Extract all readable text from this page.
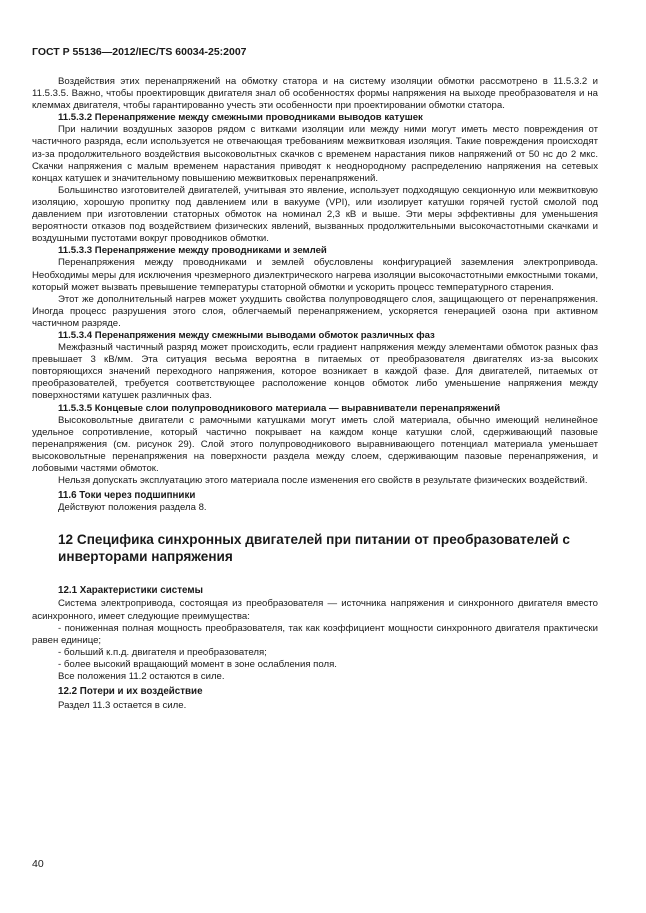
ГОСТ Р 55136—2012/IEC/TS 60034-25:2007

Воздействия этих перенапряжений на обмотку статора и на систему изоляции обмотки рассмотрено в 11.5.3.2 и 11.5.3.5. Важно, чтобы проектировщик двигателя знал об особенностях формы напряжения на выходе преобразователя и на клеммах двигателя, чтобы гарантированно учесть эти особенности при проектировании обмотки статора.

11.5.3.2 Перенапряжение между смежными проводниками выводов катушек

При наличии воздушных зазоров рядом с витками изоляции или между ними могут иметь место повреждения от частичного разряда, если используется не отвечающая требованиям межвитковая изоляция. Такие повреждения происходят из-за продолжительного воздействия высоковольтных скачков с временем нарастания пиков напряжений от 50 нс до 2 мкс. Скачки напряжения с малым временем нарастания приводят к неоднородному распределению напряжения на сетевых концах катушек и значительному повышению межвитковых перенапряжений.

Большинство изготовителей двигателей, учитывая это явление, использует подходящую секционную или межвитковую изоляцию, хорошую пропитку под давлением или в вакууме (VPI), или изолирует катушки горячей густой смолой под давлением при изготовлении статорных обмоток на номинал 2,3 кВ и выше. Эти меры эффективны для уменьшения вероятности отказов под воздействием физических явлений, вызванных продолжительными высокочастотными скачками и воздушными пустотами вокруг проводников обмотки.

11.5.3.3 Перенапряжение между проводниками и землей

Перенапряжения между проводниками и землей обусловлены конфигурацией заземления электропривода. Необходимы меры для исключения чрезмерного диэлектрического нагрева изоляции высокочастотными емкостными токами, который может вызвать превышение температуры статорной обмотки и ускорить процесс температурного старения.

Этот же дополнительный нагрев может ухудшить свойства полупроводящего слоя, защищающего от перенапряжения. Иногда процесс разрушения этого слоя, облегчаемый перенапряжением, ускоряется генерацией озона при активном частичном разряде.

11.5.3.4 Перенапряжения между смежными выводами обмоток различных фаз

Межфазный частичный разряд может происходить, если градиент напряжения между элементами обмоток разных фаз превышает 3 кВ/мм. Эта ситуация весьма вероятна в питаемых от преобразователя двигателях из-за высоких повторяющихся значений переходного напряжения, которое возникает в каждой фазе. Для двигателей, питаемых от преобразователей, требуется соответствующее расположение концов обмоток либо уменьшение напряжения между поверхностями катушек различных фаз.

11.5.3.5 Концевые слои полупроводникового материала — выравниватели перенапряжений

Высоковольтные двигатели с рамочными катушками могут иметь слой материала, обычно имеющий нелинейное удельное сопротивление, который частично покрывает на каждом конце катушки слой, сдерживающий пазовые перенапряжения (см. рисунок 29). Слой этого полупроводникового выравнивающего потенциал материала уменьшает высоковольтные перенапряжения на поверхности раздела между слоем, сдерживающим пазовые перенапряжения, и лобовыми частями обмоток.

Нельзя допускать эксплуатацию этого материала после изменения его свойств в результате физических воздействий.

11.6 Токи через подшипники

Действуют положения раздела 8.

12 Специфика синхронных двигателей при питании от преобразователей с инверторами напряжения
12.1 Характеристики системы

Система электропривода, состоящая из преобразователя — источника напряжения и синхронного двигателя вместо асинхронного, имеет следующие преимущества:

- пониженная полная мощность преобразователя, так как коэффициент мощности синхронного двигателя практически равен единице;

- больший к.п.д. двигателя и преобразователя;

- более высокий вращающий момент в зоне ослабления поля.

Все положения 11.2 остаются в силе.

12.2 Потери и их воздействие

Раздел 11.3 остается в силе.

40
